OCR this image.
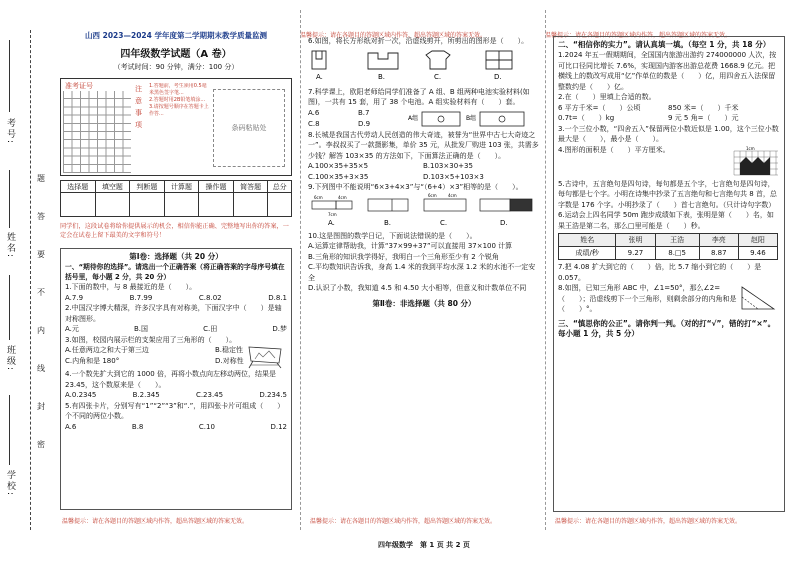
学校:
班级:
姓名:
考号:
题
答
要
不
内
线
封
密
温馨提示：请在各题目的答题区域内作答，超出答题区域的答案无效。	温馨提示：请在各题目的答题区域内作答，超出答题区域的答案无效。
山西 2023—2024 学年度第二学期期末教学质量监测
四年级数学试题（A 卷）
（考试时间：90 分钟，满分：100 分）
准考证号	注意事项
1.答题前，考生须用0.5毫米黑色签字笔...
2.答题时用2B铅笔填涂...
3.请按题号顺序在答题卡上作答...
条码粘贴处
选择题	填空题	判断题	计算题	操作题	简答题	总分

同学们，这段试卷将给你提供展示的机会，相信你能正确、完整地写出你的答案，一定会在试卷上留下最美的文字和符号！
第Ⅰ卷：选择题（共 20 分）
一、“期待你的选择”。请选出一个正确答案（将正确答案的字母序号填在括号里，每小题 2 分，共 20 分）
1.下面的数中，与 8 最接近的是（　　）。
A.7.9	B.7.99	C.8.02	D.8.1
2.中国汉字博大精深，许多汉字具有对称美，下面汉字中（　　）是轴对称图形。
A.元	B.国	C.田	D.梦
3.如图，校园内展示栏的支架应用了三角形的（　　）。
A.任意两边之和大于第三边
C.内角和是 180°
B.稳定性
D.对称性
4.一个数先扩大到它的 1000 倍，再将小数点向左移动两位，结果是 23.45，这个数原来是（　　）。
A.0.2345	B.2.345	C.23.45	D.234.5
5.有四张卡片，分别写有“1”“2”“3”和“.”，用四张卡片可组成（　　）个不同的两位小数。
A.6	B.8	C.10	D.12
6.如图，将长方形纸对折一次，沿虚线剪开，所剪出的图形是（　　）。
A.	B.	C.	D.
7.科学课上，欧阳老师给同学们准备了 A 组、B 组两种电池实验材料(如图)，一共有 15 套，用了 38 个电池。A 组实验材料有（　　）套。
A.6	B.7
C.8	D.9
A组	B组
8.长城是我国古代劳动人民创造的伟大奇迹，被誉为“世界中古七大奇迹之一”。李叔叔买了一款摄影集，单价 35 元，从批发厂购进 103 张，共需多少钱？解答 103×35 的方法如下，下面算法正确的是（　　）。
A.100×35+35×5	B.103×30+35
C.100×35+3×35	D.103×5+103×3
9.下列图中不能说明“6×3+4×3”与“（6+4）×3”相等的是（　　）。
6cm	4cm
7cm
6cm	4cm
A.	B.	C.	D.
10.这是图图的数学日记，下面说法错误的是（　　）。
A.运算定律帮助我，计算“37×99+37”可以直接用 37×100 计算
B.三角形的知识我学得好，我明白一个三角形至少有 2 个锐角
C.平均数知识告诉我，身高 1.4 米的我到平均水深 1.2 米的水池不一定安全
D.认识了小数，我知道 4.5 和 4.50 大小相等，但意义和计数单位不同
第Ⅱ卷：非选择题（共 80 分）
二、“相信你的实力”。请认真填一填。（每空 1 分，共 18 分）
1.2024 年五一假期期间，全国国内旅游出游约 274000000 人次，按可比口径同比增长 7.6%，实现国内游客出游总花费 1668.9 亿元。把横线上的数改写成用“亿”作单位的数是（　　）亿，用四舍五入法保留整数约是（　　）亿。
2.在（　　）里填上合适的数。
6 平方千米=（　　）公顷	850 米=（　　）千米
0.7t=（　　）kg	9 元 5 角=（　　）元
3.一个三位小数，“四舍五入”保留两位小数近似是 1.00，这个三位小数最大是（　　），最小是（　　）。
4.图形的面积是（　　）平方厘米。	1cm
5.古诗中，五言绝句是四句诗，每句都是五个字，七言绝句是四句诗，每句都是七个字。小明在诗集中抄录了五言绝句和七言绝句共 8 首，总字数是 176 个字。小明抄录了（　　）首七言绝句。（只计诗句字数）
6.运动会上四名同学 50m 跑步成绩如下表，张明是第（　　）名，如果王浩是第二名，那么□里可能是（　　）秒。
姓名	张明	王浩	李亮	赵阳
成绩/秒	9.27	8.□5	8.87	9.46
7.把 4.08 扩大到它的（　　）倍，比 5.7 缩小到它的（　　）是 0.057。
8.如图，已知三角形 ABC 中，∠1=50°，那么∠2=（　　）；沿虚线剪下一个三角形，则剩余部分的内角和是（　　）°。
三、“慎思你的公正”。请你判一判。（对的打“√”，错的打“×”。每小题 1 分，共 5 分）
温馨提示：请在各题目的答题区域内作答，超出答题区域的答案无效。	温馨提示：请在各题目的答题区域内作答，超出答题区域的答案无效。	温馨提示：请在各题目的答题区域内作答，超出答题区域的答案无效。
四年级数学　第 1 页 共 2 页
